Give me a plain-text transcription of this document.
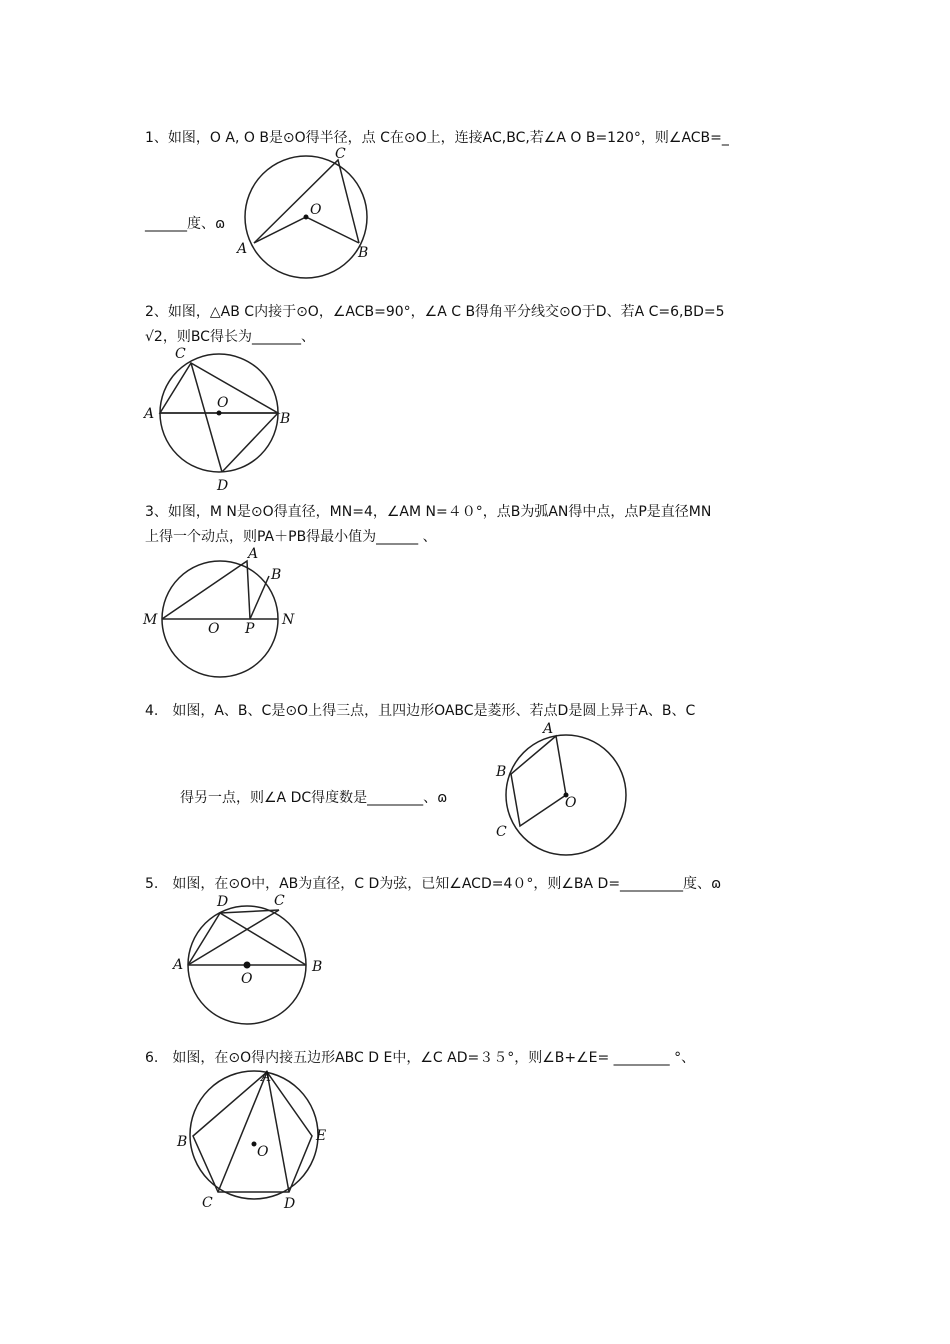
1、如图，O A, O B是⊙O得半径，点 C在⊙O上，连接AC,BC,若∠A O B=120°，则∠ACB=_
______度、ɷ
C
O
A	B
2、如图，△AB C内接于⊙O，∠ACB=90°，∠A C B得角平分线交⊙O于D、若A C=6,BD=5
√2，则BC得长为_______、
C
O
A	B
D
3、如图，M N是⊙O得直径，MN=4，∠AM N=４０°，点B为弧AN得中点，点P是直径MN
上得一个动点，则PA＋PB得最小值为______ 、
A
B
M
O P
N
4.　如图，A、B、C是⊙O上得三点，且四边形OABC是菱形、若点D是圆上异于A、B、C
得另一点，则∠A DC得度数是________、ɷ
A
B
O
C
5.　如图，在⊙O中，AB为直径，C D为弦，已知∠ACD=4０°，则∠BA D=_________度、ɷ
D	C
A	B
O
6.　如图，在⊙O得内接五边形ABC D E中，∠C AD=３５°，则∠B+∠E= ________ °、
A
B	E
O
C	D
